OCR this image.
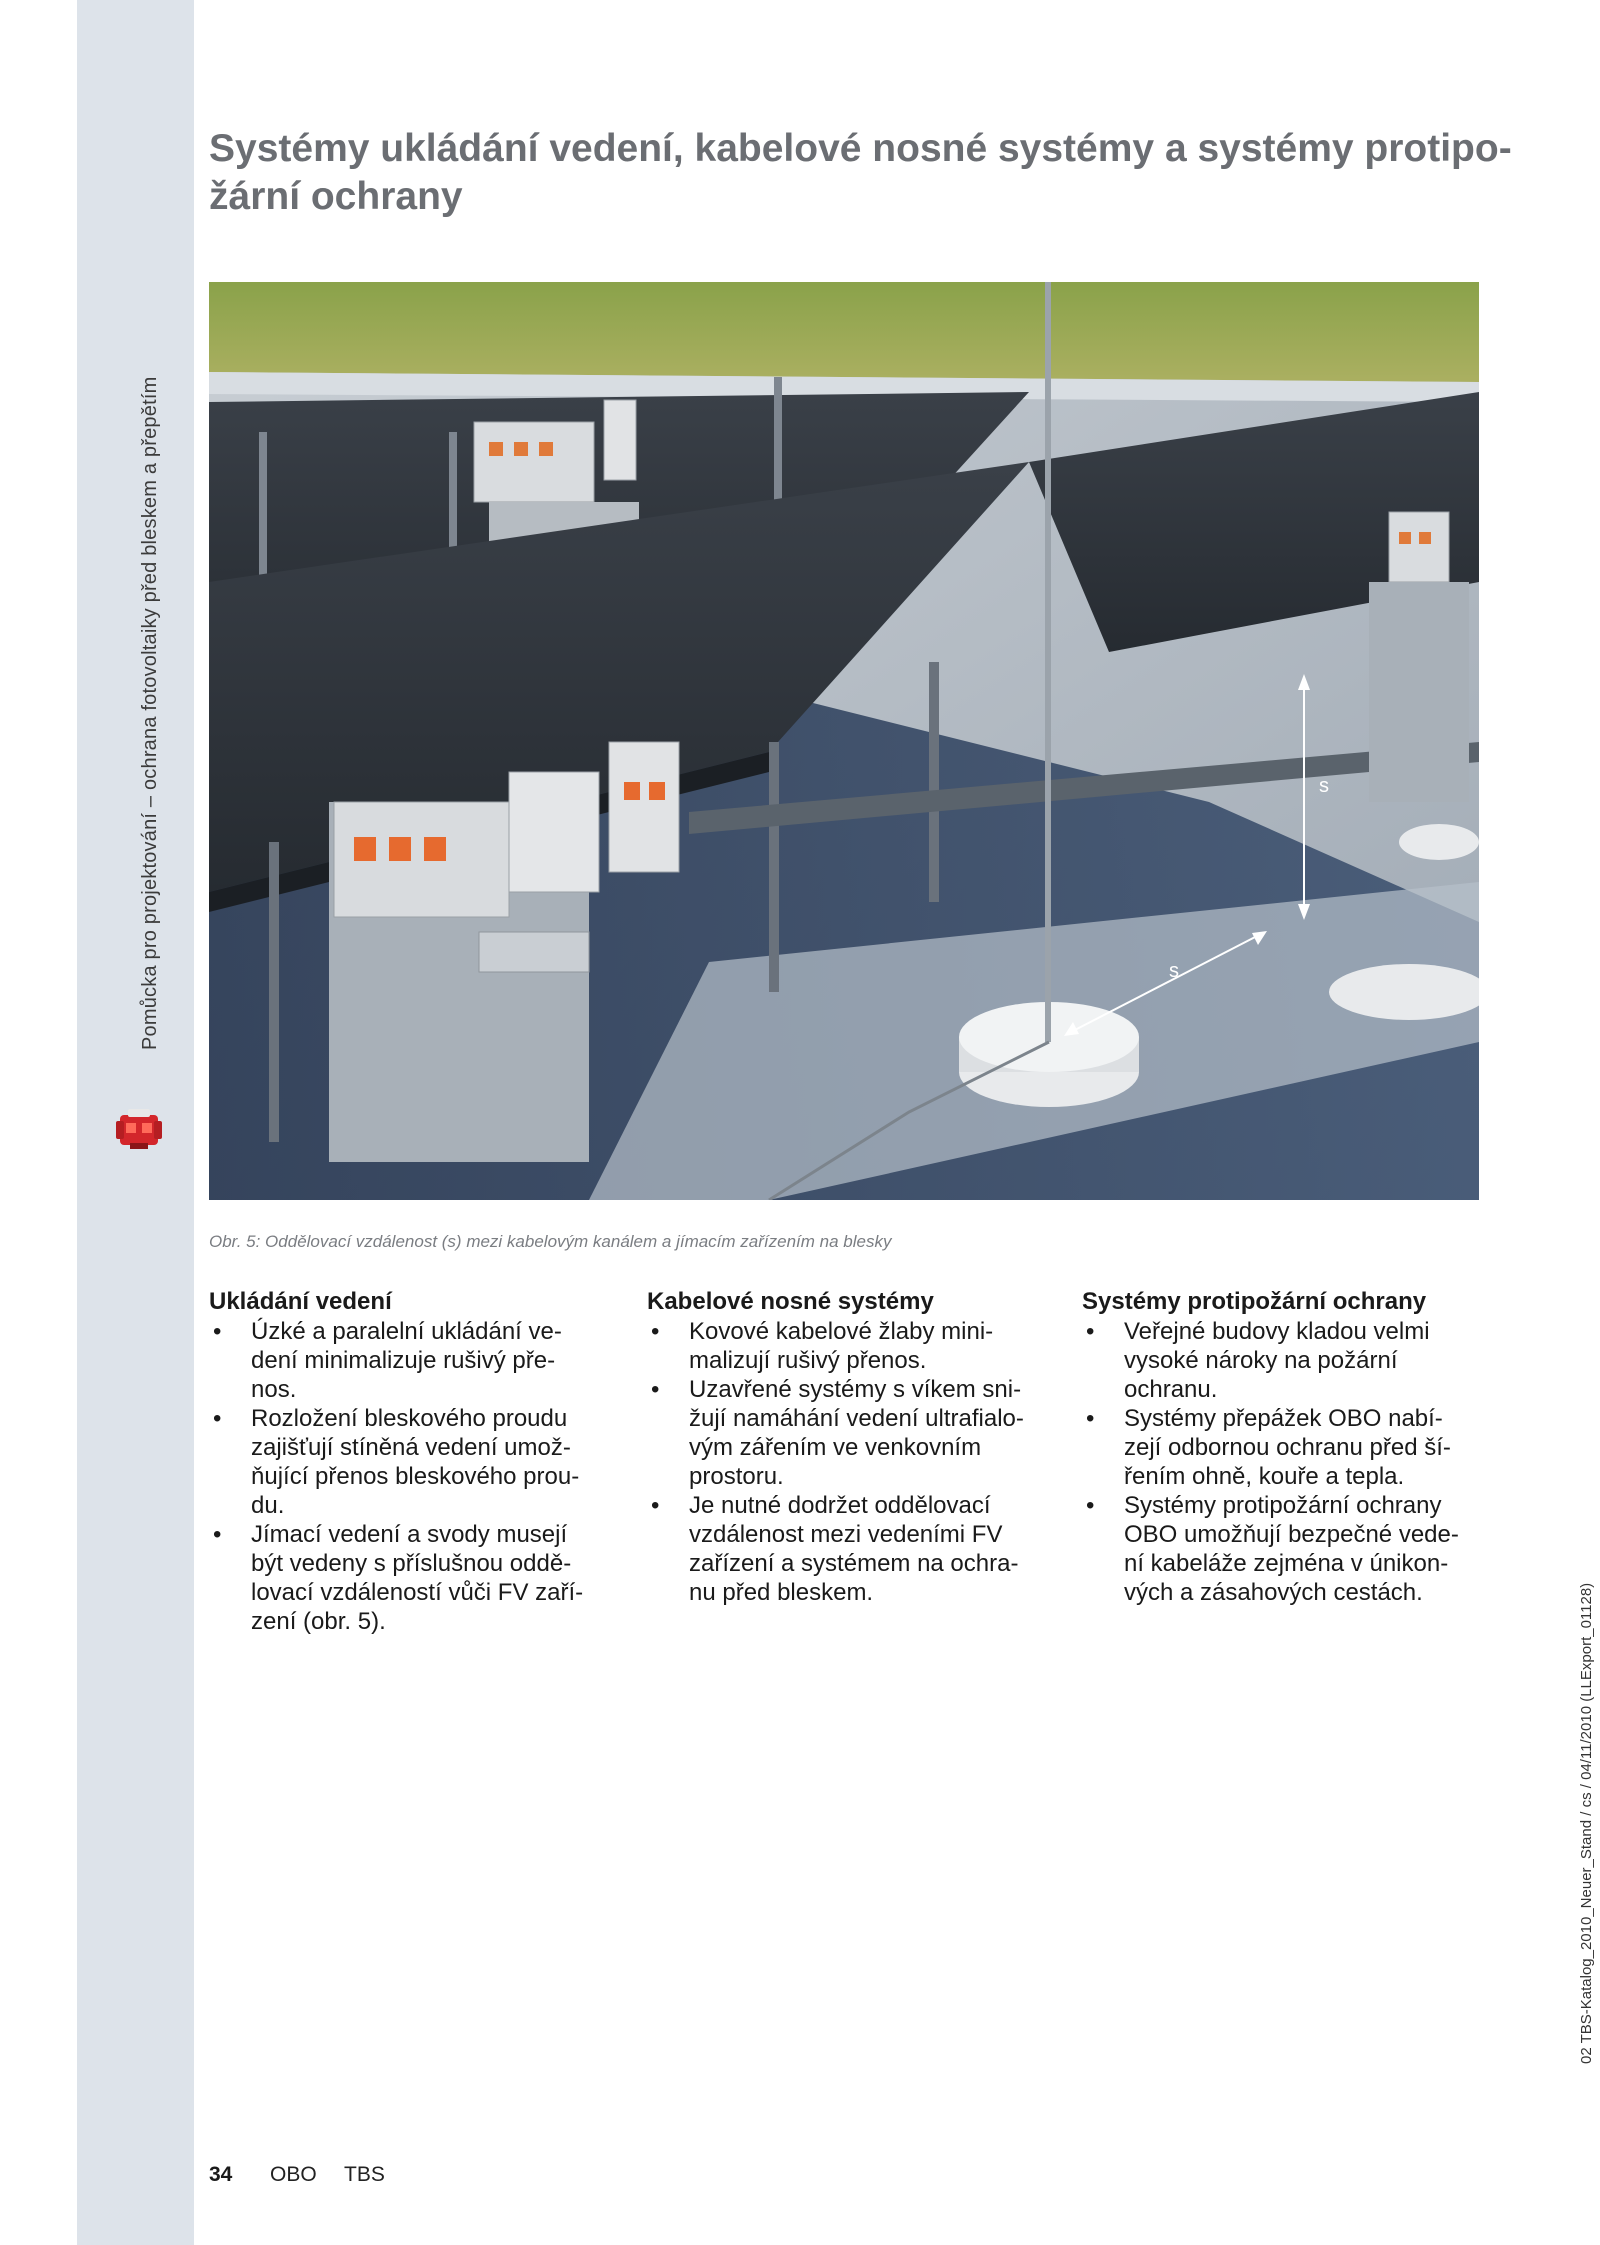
Pomůcka pro projektování – ochrana fotovoltaiky před bleskem a přepětím
Systémy ukládání vedení, kabelové nosné systémy a systémy protipo-
žární ochrany
s
s
Obr. 5: Oddělovací vzdálenost (s) mezi kabelovým kanálem a jímacím zařízením na blesky
Ukládání vedení
• Úzké a paralelní ukládání ve-
dení minimalizuje rušivý pře-
nos.
• Rozložení bleskového proudu
zajišťují stíněná vedení umož-
ňující přenos bleskového prou-
du.
• Jímací vedení a svody musejí
být vedeny s příslušnou oddě-
lovací vzdáleností vůči FV zaří-
zení (obr. 5).
Kabelové nosné systémy
• Kovové kabelové žlaby mini-
malizují rušivý přenos.
• Uzavřené systémy s víkem sni-
žují namáhání vedení ultrafialo-
vým zářením ve venkovním
prostoru.
• Je nutné dodržet oddělovací
vzdálenost mezi vedeními FV
zařízení a systémem na ochra-
nu před bleskem.
Systémy protipožární ochrany
• Veřejné budovy kladou velmi
vysoké nároky na požární
ochranu.
• Systémy přepážek OBO nabí-
zejí odbornou ochranu před ší-
řením ohně, kouře a tepla.
• Systémy protipožární ochrany
OBO umožňují bezpečné vede-
ní kabeláže zejména v únikon-
vých a zásahových cestách.	02 TBS-Katalog_2010_Neuer_Stand / cs / 04/11/2010 (LLExport_01128)
34 OBO TBS
